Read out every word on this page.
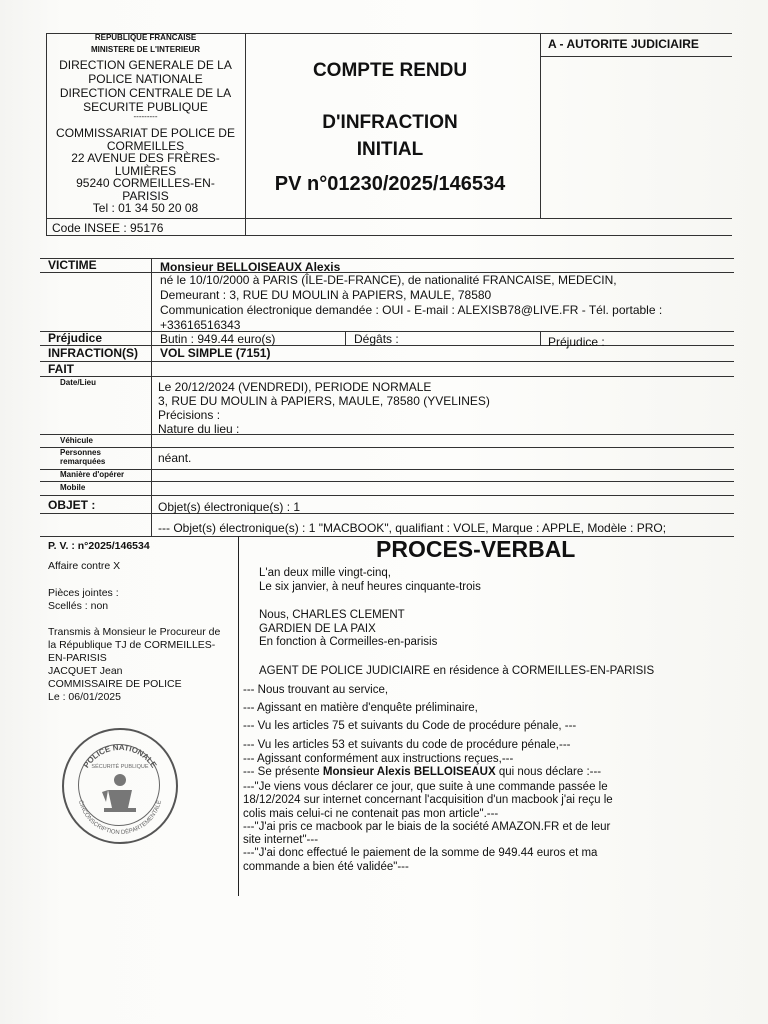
REPUBLIQUE FRANCAISE
MINISTERE DE L'INTERIEUR
DIRECTION GENERALE DE LA
POLICE NATIONALE
DIRECTION CENTRALE DE LA
SECURITE PUBLIQUE
---------
COMMISSARIAT DE POLICE DE
CORMEILLES
22 AVENUE DES FRÈRES-
LUMIÈRES
95240 CORMEILLES-EN-
PARISIS
Tel : 01 34 50 20 08
COMPTE RENDU
D'INFRACTION
INITIAL
PV n°01230/2025/146534
A - AUTORITE JUDICIAIRE
Code INSEE : 95176
VICTIME	Monsieur BELLOISEAUX Alexis
né le 10/10/2000 à PARIS (ÎLE-DE-FRANCE), de nationalité FRANCAISE, MEDECIN,
Demeurant : 3, RUE DU MOULIN à PAPIERS, MAULE, 78580
Communication électronique demandée : OUI - E-mail : ALEXISB78@LIVE.FR - Tél. portable :
+33616516343
Préjudice	Butin : 949.44 euro(s)	Dégâts :	Préjudice :
INFRACTION(S) VOL SIMPLE (7151)
FAIT
Date/Lieu	Le 20/12/2024 (VENDREDI), PERIODE NORMALE
3, RUE DU MOULIN à PAPIERS, MAULE, 78580 (YVELINES)
Précisions :
Nature du lieu :
Véhicule
Personnes
remarquées	néant.
Manière d'opérer
Mobile
OBJET :	Objet(s) électronique(s) : 1
--- Objet(s) électronique(s) : 1 "MACBOOK", qualifiant : VOLE, Marque : APPLE, Modèle : PRO;
P. V. : n°2025/146534
Affaire contre X
Pièces jointes :
Scellés : non
Transmis à Monsieur le Procureur de
la République TJ de CORMEILLES-
EN-PARISIS
JACQUET Jean
COMMISSAIRE DE POLICE
Le : 06/01/2025
POLICE NATIONALE
CIRCONSCRIPTION DÉPARTEMENTALE
SÉCURITÉ PUBLIQUE
PROCES-VERBAL
L'an deux mille vingt-cinq,
Le six janvier, à neuf heures cinquante-trois
Nous, CHARLES CLEMENT
GARDIEN DE LA PAIX
En fonction à Cormeilles-en-parisis
AGENT DE POLICE JUDICIAIRE en résidence à CORMEILLES-EN-PARISIS
--- Nous trouvant au service,
--- Agissant en matière d'enquête préliminaire,
--- Vu les articles 75 et suivants du Code de procédure pénale, ---
--- Vu les articles 53 et suivants du code de procédure pénale,---
--- Agissant conformément aux instructions reçues,---
--- Se présente Monsieur Alexis BELLOISEAUX qui nous déclare :---
---"Je viens vous déclarer ce jour, que suite à une commande passée le
18/12/2024 sur internet concernant l'acquisition d'un macbook j'ai reçu le
colis mais celui-ci ne contenait pas mon article".---
---"J'ai pris ce macbook par le biais de la société AMAZON.FR et de leur
site internet"---
---"J'ai donc effectué le paiement de la somme de 949.44 euros et ma
commande a bien été validée"---
